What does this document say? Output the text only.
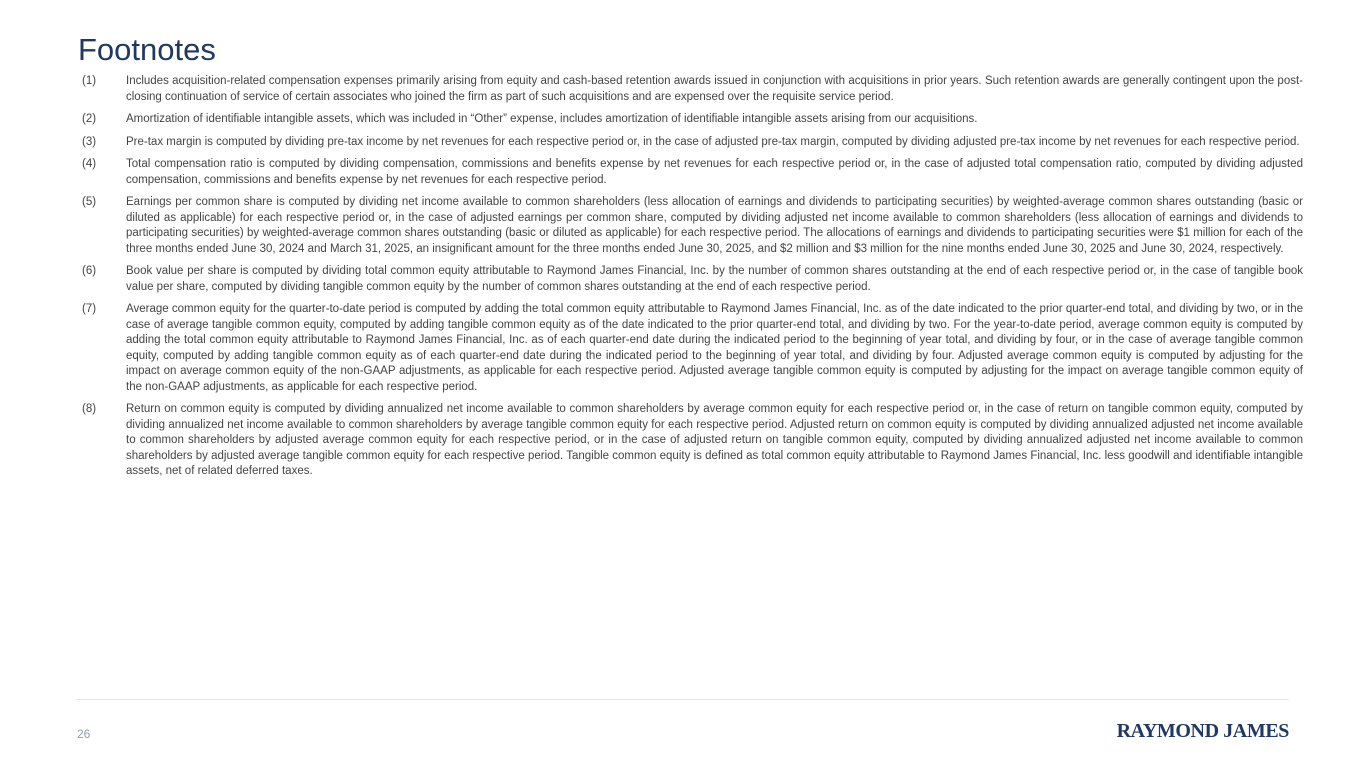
Footnotes
(1)	Includes acquisition-related compensation expenses primarily arising from equity and cash-based retention awards issued in conjunction with acquisitions in prior years. Such retention awards are generally contingent upon the post-closing continuation of service of certain associates who joined the firm as part of such acquisitions and are expensed over the requisite service period.
(2)	Amortization of identifiable intangible assets, which was included in “Other” expense, includes amortization of identifiable intangible assets arising from our acquisitions.
(3)	Pre-tax margin is computed by dividing pre-tax income by net revenues for each respective period or, in the case of adjusted pre-tax margin, computed by dividing adjusted pre-tax income by net revenues for each respective period.
(4)	Total compensation ratio is computed by dividing compensation, commissions and benefits expense by net revenues for each respective period or, in the case of adjusted total compensation ratio, computed by dividing adjusted compensation, commissions and benefits expense by net revenues for each respective period.
(5)	Earnings per common share is computed by dividing net income available to common shareholders (less allocation of earnings and dividends to participating securities) by weighted-average common shares outstanding (basic or diluted as applicable) for each respective period or, in the case of adjusted earnings per common share, computed by dividing adjusted net income available to common shareholders (less allocation of earnings and dividends to participating securities) by weighted-average common shares outstanding (basic or diluted as applicable) for each respective period. The allocations of earnings and dividends to participating securities were $1 million for each of the three months ended June 30, 2024 and March 31, 2025, an insignificant amount for the three months ended June 30, 2025, and $2 million and $3 million for the nine months ended June 30, 2025 and June 30, 2024, respectively.
(6)	Book value per share is computed by dividing total common equity attributable to Raymond James Financial, Inc. by the number of common shares outstanding at the end of each respective period or, in the case of tangible book value per share, computed by dividing tangible common equity by the number of common shares outstanding at the end of each respective period.
(7)	Average common equity for the quarter-to-date period is computed by adding the total common equity attributable to Raymond James Financial, Inc. as of the date indicated to the prior quarter-end total, and dividing by two, or in the case of average tangible common equity, computed by adding tangible common equity as of the date indicated to the prior quarter-end total, and dividing by two. For the year-to-date period, average common equity is computed by adding the total common equity attributable to Raymond James Financial, Inc. as of each quarter-end date during the indicated period to the beginning of year total, and dividing by four, or in the case of average tangible common equity, computed by adding tangible common equity as of each quarter-end date during the indicated period to the beginning of year total, and dividing by four. Adjusted average common equity is computed by adjusting for the impact on average common equity of the non-GAAP adjustments, as applicable for each respective period. Adjusted average tangible common equity is computed by adjusting for the impact on average tangible common equity of the non-GAAP adjustments, as applicable for each respective period.
(8)	Return on common equity is computed by dividing annualized net income available to common shareholders by average common equity for each respective period or, in the case of return on tangible common equity, computed by dividing annualized net income available to common shareholders by average tangible common equity for each respective period. Adjusted return on common equity is computed by dividing annualized adjusted net income available to common shareholders by adjusted average common equity for each respective period, or in the case of adjusted return on tangible common equity, computed by dividing annualized adjusted net income available to common shareholders by adjusted average tangible common equity for each respective period. Tangible common equity is defined as total common equity attributable to Raymond James Financial, Inc. less goodwill and identifiable intangible assets, net of related deferred taxes.
26	RAYMOND JAMES
